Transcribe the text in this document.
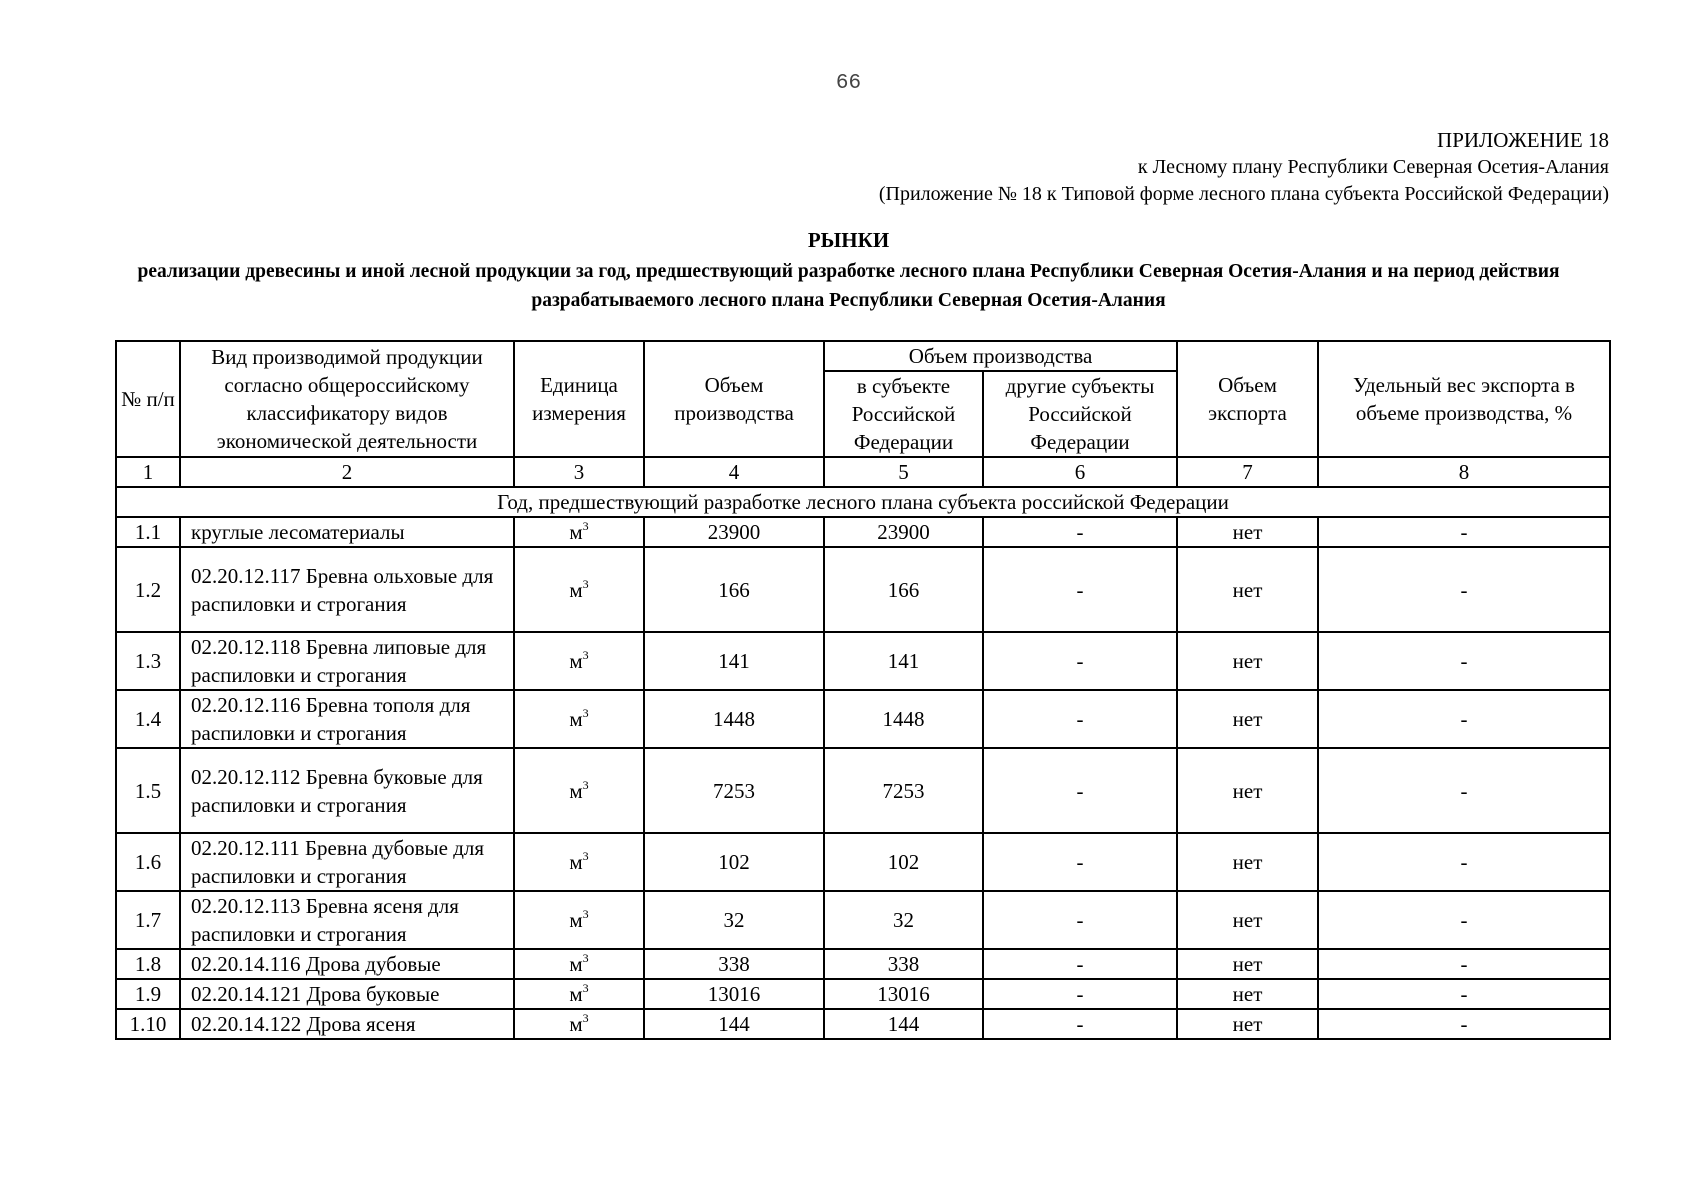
66
ПРИЛОЖЕНИЕ 18
к Лесному плану Республики Северная Осетия-Алания
(Приложение № 18 к Типовой форме лесного плана субъекта Российской Федерации)
РЫНКИ
реализации древесины и иной лесной продукции за год, предшествующий разработке лесного плана Республики Северная Осетия-Алания и на период действия разрабатываемого лесного плана Республики Северная Осетия-Алания
№ п/п	Вид производимой продукции согласно общероссийскому классификатору видов экономической деятельности	Единица измерения	Объем производства	Объем производства		Объем экспорта	Удельный вес экспорта в объеме производства, %
				в субъекте Российской Федерации	другие субъекты Российской Федерации		
1	2	3	4	5	6	7	8
Год, предшествующий разработке лесного плана субъекта российской Федерации							
1.1	круглые лесоматериалы	$м^3$	23900	23900	-	нет	-
1.2	02.20.12.117 Бревна ольховые для распиловки и строгания	$м^3$	166	166	-	нет	-
1.3	02.20.12.118 Бревна липовые для распиловки и строгания	$м^3$	141	141	-	нет	-
1.4	02.20.12.116 Бревна тополя для распиловки и строгания	$м^3$	1448	1448	-	нет	-
1.5	02.20.12.112 Бревна буковые для распиловки и строгания	$м^3$	7253	7253	-	нет	-
1.6	02.20.12.111 Бревна дубовые для распиловки и строгания	$м^3$	102	102	-	нет	-
1.7	02.20.12.113 Бревна ясеня для распиловки и строгания	$м^3$	32	32	-	нет	-
1.8	02.20.14.116 Дрова дубовые	$м^3$	338	338	-	нет	-
1.9	02.20.14.121 Дрова буковые	$м^3$	13016	13016	-	нет	-
1.10	02.20.14.122 Дрова ясеня	$м^3$	144	144	-	нет	-
